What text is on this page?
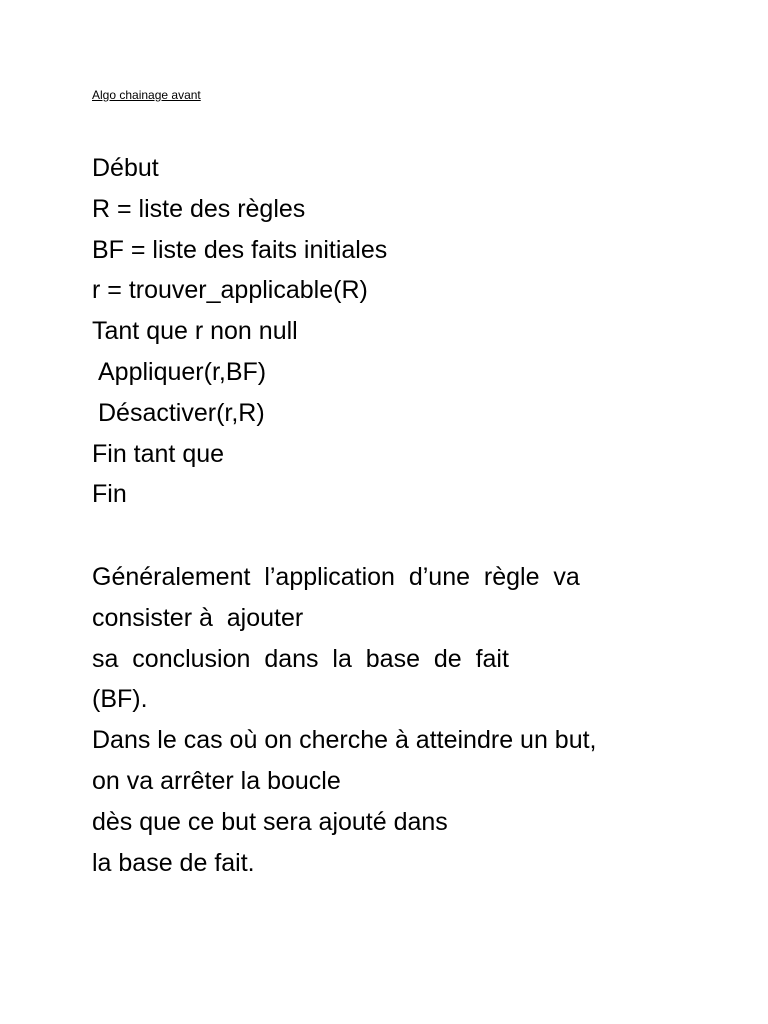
Algo chainage avant
Début
R = liste des règles
BF = liste des faits initiales
r = trouver_applicable(R)
Tant que r non null
Appliquer(r,BF)
Désactiver(r,R)
Fin tant que
Fin
Généralement  l’application  d’une  règle  va
consister à  ajouter
sa  conclusion  dans  la  base  de  fait
(BF).
Dans le cas où on cherche à atteindre un but,
on va arrêter la boucle
dès que ce but sera ajouté dans
la base de fait.
